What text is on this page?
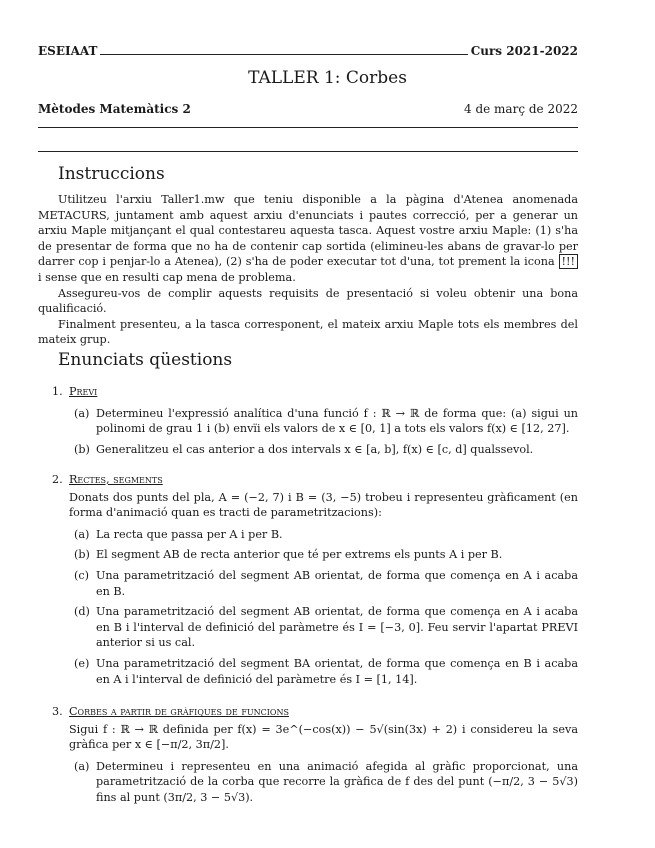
ESEIAAT	Curs 2021-2022
TALLER 1: Corbes
Mètodes Matemàtics 2	4 de març de 2022
Instruccions

Utilitzeu l'arxiu Taller1.mw que teniu disponible a la pàgina d'Atenea anomenada METACURS, juntament amb aquest arxiu d'enunciats i pautes correcció, per a generar un arxiu Maple mitjançant el qual contestareu aquesta tasca. Aquest vostre arxiu Maple: (1) s'ha de presentar de forma que no ha de contenir cap sortida (elimineu-les abans de gravar-lo per darrer cop i penjar-lo a Atenea), (2) s'ha de poder executar tot d'una, tot prement la icona !!! i sense que en resulti cap mena de problema.

Assegureu-vos de complir aquests requisits de presentació si voleu obtenir una bona qualificació.

Finalment presenteu, a la tasca corresponent, el mateix arxiu Maple tots els membres del mateix grup.

Enunciats qüestions
1. Previ
(a) Determineu l'expressió analítica d'una funció f : ℝ → ℝ de forma que: (a) sigui un polinomi de grau 1 i (b) envïi els valors de x ∈ [0, 1] a tots els valors f(x) ∈ [12, 27].
(b) Generalitzeu el cas anterior a dos intervals x ∈ [a, b], f(x) ∈ [c, d] qualssevol.
2. Rectes, segments
Donats dos punts del pla, A = (−2, 7) i B = (3, −5) trobeu i representeu gràficament (en forma d'animació quan es tracti de parametritzacions):
(a) La recta que passa per A i per B.
(b) El segment AB de recta anterior que té per extrems els punts A i per B.
(c) Una parametrització del segment AB orientat, de forma que comença en A i acaba en B.
(d) Una parametrització del segment AB orientat, de forma que comença en A i acaba en B i l'interval de definició del paràmetre és I = [−3, 0]. Feu servir l'apartat PREVI anterior si us cal.
(e) Una parametrització del segment BA orientat, de forma que comença en B i acaba en A i l'interval de definició del paràmetre és I = [1, 14].
3. Corbes a partir de gràfiques de funcions
Sigui f : ℝ → ℝ definida per f(x) = 3e^(−cos(x)) − 5√(sin(3x) + 2) i considereu la seva gràfica per x ∈ [−π/2, 3π/2].
(a) Determineu i representeu en una animació afegida al gràfic proporcionat, una parametrització de la corba que recorre la gràfica de f des del punt (−π/2, 3 − 5√3) fins al punt (3π/2, 3 − 5√3).
